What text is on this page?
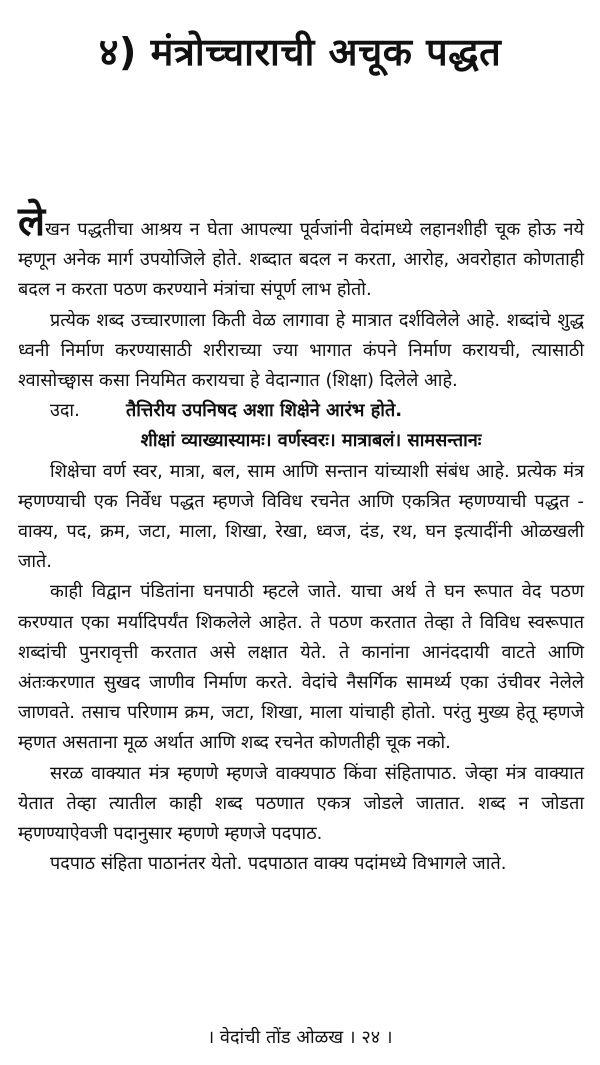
४) मंत्रोच्चाराची अचूक पद्धत

लेखन पद्धतीचा आश्रय न घेता आपल्या पूर्वजांनी वेदांमध्ये लहानशीही चूक होऊ नये म्हणून अनेक मार्ग उपयोजिले होते. शब्दात बदल न करता, आरोह, अवरोहात कोणताही बदल न करता पठण करण्याने मंत्रांचा संपूर्ण लाभ होतो.

प्रत्येक शब्द उच्चारणाला किती वेळ लागावा हे मात्रात दर्शविलेले आहे. शब्दांचे शुद्ध ध्वनी निर्माण करण्यासाठी शरीराच्या ज्या भागात कंपने निर्माण करायची, त्यासाठी श्वासोच्छ्वास कसा नियमित करायचा हे वेदान्गात (शिक्षा) दिलेले आहे.

उदा.	तैत्तिरीय उपनिषद अशा शिक्षेने आरंभ होते.

शीक्षां व्याख्यास्यामः। वर्णस्वरः। मात्राबलं। सामसन्तानः

शिक्षेचा वर्ण स्वर, मात्रा, बल, साम आणि सन्तान यांच्याशी संबंध आहे. प्रत्येक मंत्र म्हणण्याची एक निर्वेध पद्धत म्हणजे विविध रचनेत आणि एकत्रित म्हणण्याची पद्धत - वाक्य, पद, क्रम, जटा, माला, शिखा, रेखा, ध्वज, दंड, रथ, घन इत्यादींनी ओळखली जाते.

काही विद्वान पंडितांना घनपाठी म्हटले जाते. याचा अर्थ ते घन रूपात वेद पठण करण्यात एका मर्यादिपर्यंत शिकलेले आहेत. ते पठण करतात तेव्हा ते विविध स्वरूपात शब्दांची पुनरावृत्ती करतात असे लक्षात येते. ते कानांना आनंददायी वाटते आणि अंतःकरणात सुखद जाणीव निर्माण करते. वेदांचे नैसर्गिक सामर्थ्य एका उंचीवर नेलेले जाणवते. तसाच परिणाम क्रम, जटा, शिखा, माला यांचाही होतो. परंतु मुख्य हेतू म्हणजे म्हणत असताना मूळ अर्थात आणि शब्द रचनेत कोणतीही चूक नको.

सरळ वाक्यात मंत्र म्हणणे म्हणजे वाक्यपाठ किंवा संहितापाठ. जेव्हा मंत्र वाक्यात येतात तेव्हा त्यातील काही शब्द पठणात एकत्र जोडले जातात. शब्द न जोडता म्हणण्याऐवजी पदानुसार म्हणणे म्हणजे पदपाठ.

पदपाठ संहिता पाठानंतर येतो. पदपाठात वाक्य पदांमध्ये विभागले जाते.

। वेदांची तोंड ओळख । २४ ।
